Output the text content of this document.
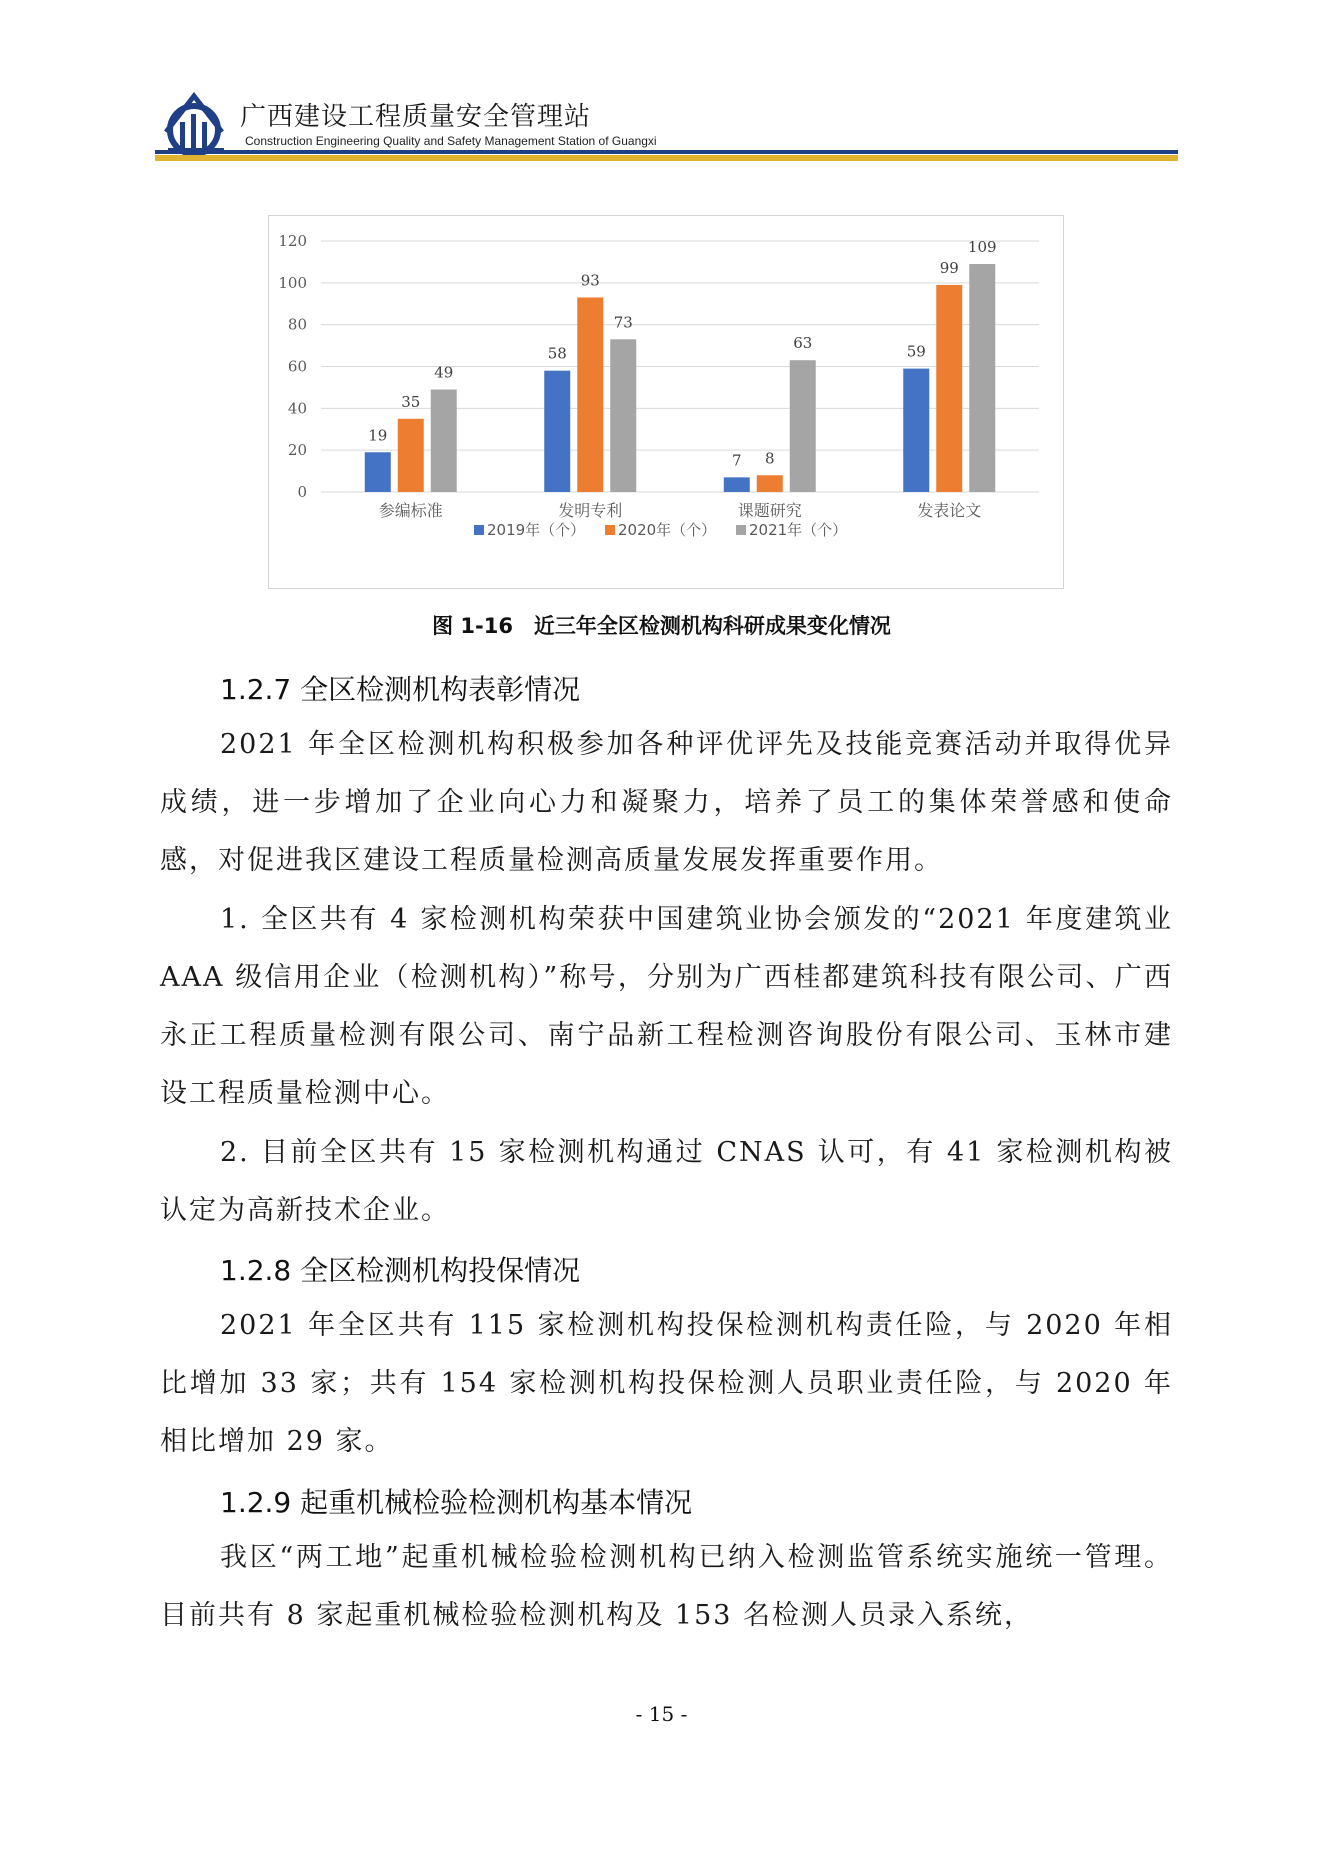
广西建设工程质量安全管理站
Construction Engineering Quality and Safety Management Station of Guangxi
0
20
40
60
80
100
120
参编标准
19
35
49
发明专利
58
93
73
课题研究
7 8
63
发表论文
59
99
109
2019年（个） 2020年（个） 2021年（个）
图 1-16　近三年全区检测机构科研成果变化情况
1.2.7 全区检测机构表彰情况
2021 年全区检测机构积极参加各种评优评先及技能竞赛活动并取得优异成绩，进一步增加了企业向心力和凝聚力，培养了员工的集体荣誉感和使命感，对促进我区建设工程质量检测高质量发展发挥重要作用。
1. 全区共有 4 家检测机构荣获中国建筑业协会颁发的“2021 年度建筑业 AAA 级信用企业（检测机构）”称号，分别为广西桂都建筑科技有限公司、广西永正工程质量检测有限公司、南宁品新工程检测咨询股份有限公司、玉林市建设工程质量检测中心。
2. 目前全区共有 15 家检测机构通过 CNAS 认可，有 41 家检测机构被认定为高新技术企业。
1.2.8 全区检测机构投保情况
2021 年全区共有 115 家检测机构投保检测机构责任险，与 2020 年相比增加 33 家；共有 154 家检测机构投保检测人员职业责任险，与 2020 年相比增加 29 家。
1.2.9 起重机械检验检测机构基本情况
我区“两工地”起重机械检验检测机构已纳入检测监管系统实施统一管理。目前共有 8 家起重机械检验检测机构及 153 名检测人员录入系统，
- 15 -
